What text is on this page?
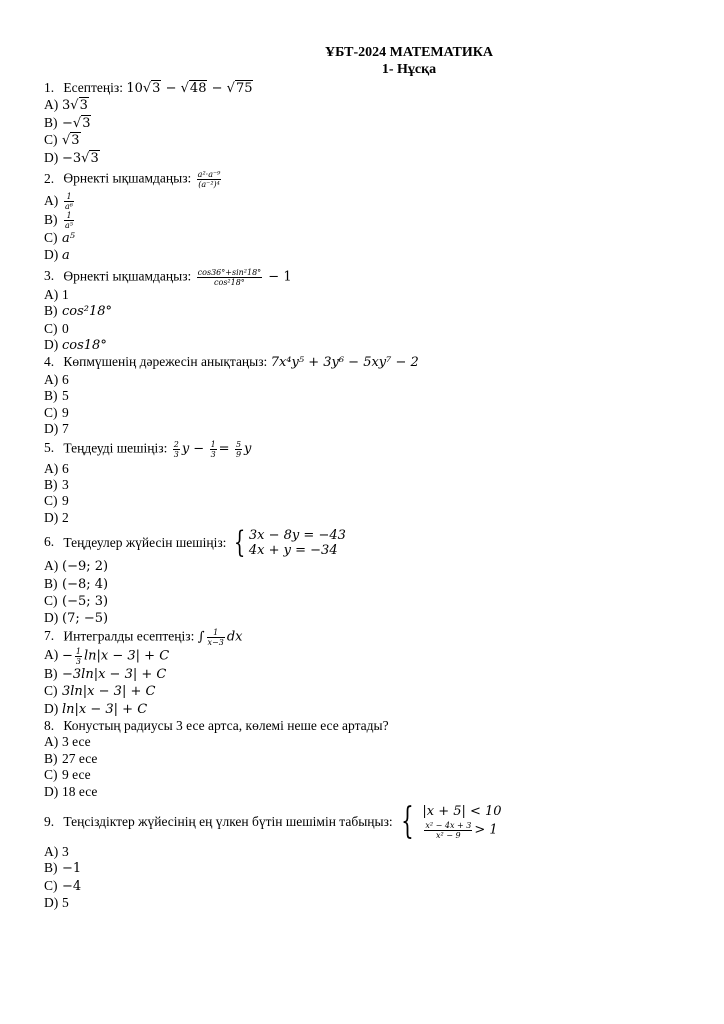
ҰБТ-2024 МАТЕМАТИКА
1- Нұсқа
1. Есептеңіз: 10√3 − √48 − √75
A) 3√3
B) −√3
C) √3
D) −3√3
2. Өрнекті ықшамдаңыз: $\frac{\text{a²·a⁻⁹}}{\text{(a⁻²)⁴}}$
$A) \frac{1}{\text{a⁶}}$
$B) \frac{1}{\text{a⁵}}$
C) a⁵
D) a
3. Өрнекті ықшамдаңыз: $\frac{\text{cos36°+sin²18°}}{\text{cos²18°}} - 1$
A) 1
B) cos²18°
C) 0
D) cos18°
4. Көпмүшенің дәрежесін анықтаңыз: 7x⁴y⁵ + 3y⁶ − 5xy⁷ − 2
A) 6
B) 5
C) 9
D) 7
5. Теңдеуді шешіңіз: $\frac{2}{3}$ $y - \frac{1}{3} = \frac{5}{9}$ y
A) 6
B) 3
C) 9
D) 2
6. Теңдеулер жүйесін шешіңіз: { 3x − 8y = −43
4x + y = −34
A) (−9; 2)
B) (−8; 4)
C) (−5; 3)
D) (7; −5)
7. Интегралды есептеңіз: ∫ $\frac{1}{x-3}$ dx
$A) - \frac{1}{3} \ln|x - 3| + C$
B) −3ln|x − 3| + C
C) 3ln|x − 3| + C
D) ln|x − 3| + C
8. Конустың радиусы 3 есе артса, көлемі неше есе артады?
A) 3 есе
B) 27 есе
C) 9 есе
D) 18 есе
9. Теңсіздіктер жүйесінің ең үлкен бүтін шешімін табыңыз: { |x + 5| < 10
$\frac{\text{x² − 4x + 3}}{\text{x² − 9}} > 1$
A) 3
B) −1
C) −4
D) 5
